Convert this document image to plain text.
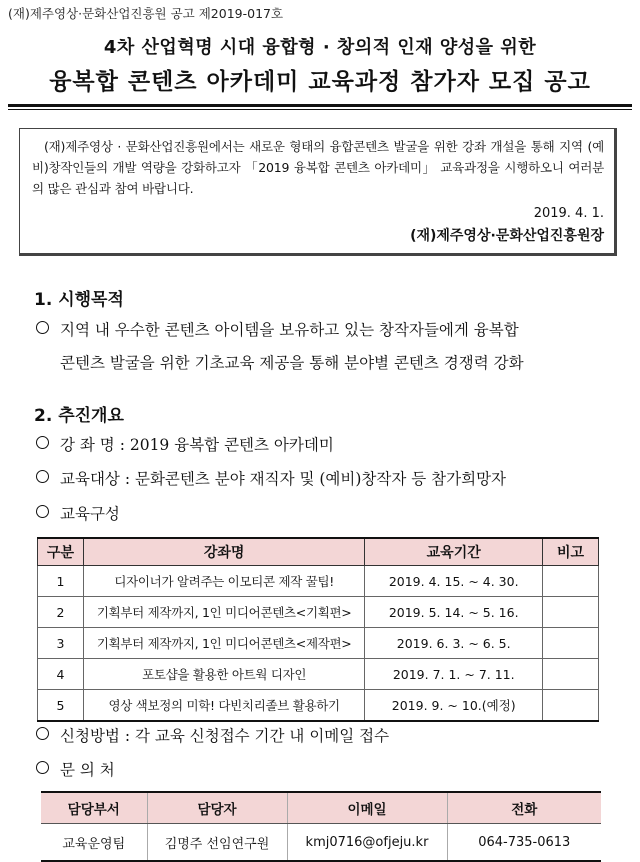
(재)제주영상·문화산업진흥원 공고 제2019-017호
4차 산업혁명 시대 융합형 · 창의적 인재 양성을 위한
융복합 콘텐츠 아카데미 교육과정 참가자 모집 공고
(재)제주영상 · 문화산업진흥원에서는 새로운 형태의 융합콘텐츠 발굴을 위한 강좌 개설을 통해 지역 (예비)창작인들의 개발 역량을 강화하고자 「2019 융복합 콘텐츠 아카데미」 교육과정을 시행하오니 여러분의 많은 관심과 참여 바랍니다.
2019. 4. 1.
(재)제주영상·문화산업진흥원장
1. 시행목적
지역 내 우수한 콘텐츠 아이템을 보유하고 있는 창작자들에게 융복합
콘텐츠 발굴을 위한 기초교육 제공을 통해 분야별 콘텐츠 경쟁력 강화
2. 추진개요
강 좌 명 : 2019 융복합 콘텐츠 아카데미
교육대상 : 문화콘텐츠 분야 재직자 및 (예비)창작자 등 참가희망자
교육구성
구분	강좌명	교육기간	비고
1	디자이너가 알려주는 이모티콘 제작 꿀팁!	2019. 4. 15. ~ 4. 30.	
2	기획부터 제작까지, 1인 미디어콘텐츠<기획편>	2019. 5. 14. ~ 5. 16.	
3	기획부터 제작까지, 1인 미디어콘텐츠<제작편>	2019. 6. 3. ~ 6. 5.	
4	포토샵을 활용한 아트웍 디자인	2019. 7. 1. ~ 7. 11.	
5	영상 색보정의 미학! 다빈치리졸브 활용하기	2019. 9. ~ 10.(예정)	
신청방법 : 각 교육 신청접수 기간 내 이메일 접수
문 의 처
담당부서	담당자	이메일	전화
교육운영팀	김명주 선임연구원	kmj0716@ofjeju.kr	064-735-0613
